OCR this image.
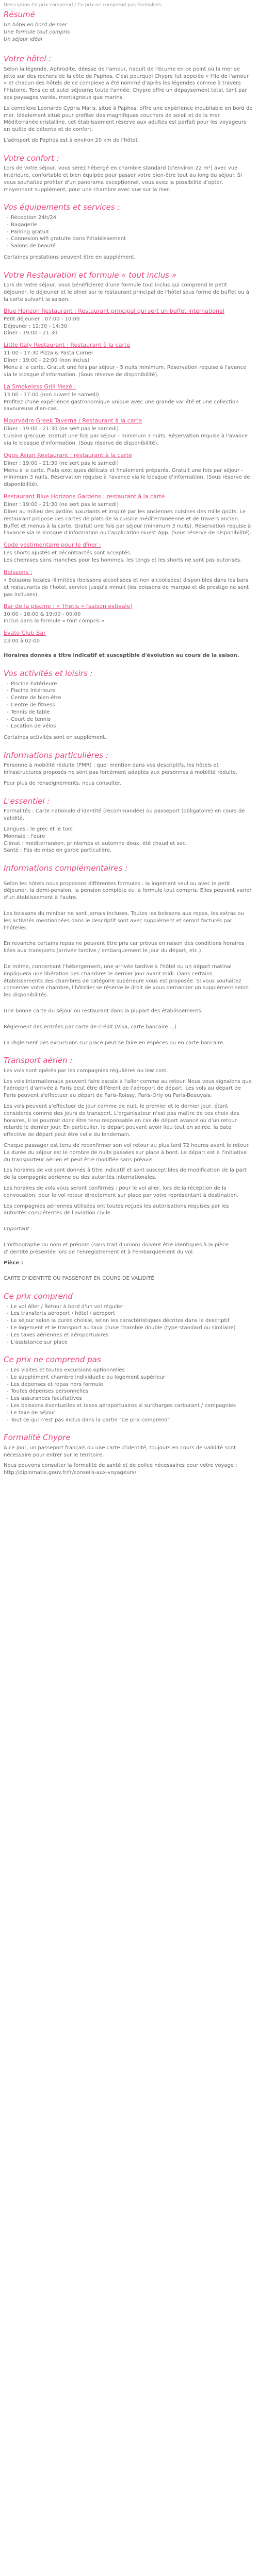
Description Ce prix comprend / Ce prix ne comprend pas Formalités

Résumé
Un hôtel en bord de mer
Une formule tout compris
Un séjour idéal
Votre hôtel :

Selon la légende, Aphrodite, déesse de l'amour, naquit de l'écume en ce point où la mer se jette sur des rochers de la côte de Paphos. C'est pourquoi Chypre fut appelée « l'Ile de l'amour » et chacun des hôtels de ce complexe a été nommé d'après les légendes comme à travers l'histoire. Tens ce et autel séjourne toute l'année. Chypre offre un dépaysement total, tant par ses paysages variés, montagneux que marins.

Le complexe Leonardo Cypria Maris, situé à Paphos, offre une expérience inoubliable en bord de mer. Idéalement situé pour profiter des magnifiques couchers de soleil et de la mer Méditerranée cristalline, cet établissement réserve aux adultes est parfait pour les voyageurs en quête de détente et de confort.

L'aéroport de Paphos est à environ 20 km de l'hôtel.

Votre confort :

Lors de votre séjour, vous serez hébergé en chambre standard (d'environ 22 m²) avec vue intérieure, confortable et bien équipée pour passer votre bien-être tout au long du séjour. Si vous souhaitez profiter d'un panorama exceptionnel, vous avez la possibilité d'opter, moyennant supplément, pour une chambre avec vue sur la mer.

Vos équipements et services :
- Réception 24h/24
- Bagagerie
- Parking gratuit
- Connexion wifi gratuite dans l'établissement
- Salons de beauté

Certaines prestations peuvent être en supplément.

Votre Restauration et formule « tout inclus »

Lors de votre séjour, vous bénéficierez d'une formule tout inclus qui comprend le petit déjeuner, le déjeuner et le dîner sur le restaurant principal de l'hôtel sous forme de buffet ou à la carte suivant la saison.

Blue Horizon Restaurant : Restaurant principal qui sert un buffet international
Petit déjeuner : 07:00 - 10:00
Déjeuner : 12:30 - 14:30
Dîner : 19:00 - 21:30
Little Italy Restaurant : Restaurant à la carte
11:00 - 17:30 Pizza & Pasta Corner
Dîner : 19:00 - 22:00 (non inclus)
Menu à la carte. Gratuit une fois par séjour - 5 nuits minimum. Réservation requise à l'avance via le kiosque d'information. (Sous réserve de disponibilité).
La Smokeless Grill Mezé :
13:00 - 17:00 (non ouvert le samedi)
Profitez d'une expérience gastronomique unique avec une grande variété et une collection savoureuse d'en-cas.
Mourvédre Greek Taverna / Restaurant à la carte
Dîner : 19:00 - 21:30 (ne sert pas le samedi)
Cuisine grecque. Gratuit une fois par séjour - minimum 3 nuits. Réservation requise à l'avance via le kiosque d'information. (Sous réserve de disponibilité).
Ogos Asian Restaurant : restaurant à la carte
Dîner : 19:00 - 21:30 (ne sert pas le samedi)
Menu à la carte. Plats exotiques délicats et finalement préparés. Gratuit une fois par séjour - minimum 3 nuits. Réservation requise à l'avance via le kiosque d'information. (Sous réserve de disponibilité).
Restaurant Blue Horizons Gardens : restaurant à la carte
Dîner : 19:00 - 21:30 (ne sert pas le samedi)
Dîner au milieu des jardins luxuriants et inspiré par les anciennes cuisines des mille goûts. Le restaurant propose des cartes de plats de la cuisine méditerranéenne et de travers ancien.
Buffet et menus à la carte. Gratuit une fois par séjour (minimum 3 nuits). Réservation requise à l'avance via le kiosque d'information ou l'application Guest App. (Sous réserve de disponibilité).
Code vestimentaire pour le dîner :
Les shorts ajustés et décontractés sont acceptés.
Les chemises sans manches pour les hommes, les tongs et les shorts ne sont pas autorisés.
Boissons :

• Boissons locales illimitées (boissons alcoolisées et non alcoolisées) disponibles dans les bars et restaurants de l'hôtel, service jusqu'à minuit (les boissons de marque et de prestige ne sont pas incluses).

Bar de la piscine : « Thetis » (saison estivale)
10:00 - 18:00 & 19:00 - 00:00
Inclus dans la formule « tout compris ».
Evato Club Bar
23:00 à 02:00

Horaires donnés à titre indicatif et susceptible d'évolution au cours de la saison.

Vos activités et loisirs :
- Piscine Extérieure
- Piscine Intérieure
- Centre de bien-être
- Centre de fitness
- Tennis de table
- Court de tennis
- Location de vélos

Certaines activités sont en supplément.

Informations particulières :

Personne à mobilité réduite (PMR) : quel mention dans vos descriptifs, les hôtels et infrastructures proposés ne sont pas forcément adaptés aux personnes à mobilité réduite.

Pour plus de renseignements, nous consulter.

L'essentiel :

Formalités : Carte nationale d'identité (recommandée) ou passeport (obligatoire) en cours de validité.

Langues : le grec et le turc
Monnaie : l'euro
Climat : méditerranéen, printemps et automne doux, été chaud et sec.
Santé : Pas de mise en garde particulière.
Informations complémentaires :

Selon les hôtels nous proposons différentes formules : la logement seul ou avec le petit déjeuner, la demi-pension, la pension complète ou la formule tout compris. Elles peuvent varier d'un établissement à l'autre.

Les boissons du minibar ne sont jamais incluses. Toutes les boissons aux repas, les extras ou les activités mentionnées dans le descriptif sont avec supplément et seront facturés par l'hôtelier.

En revanche certains repas ne peuvent être pris car prévus en raison des conditions horaires liées aux transports (arrivée tardive / embarquement le jour du départ, etc.).

De même, concernant l'hébergement, une arrivée tardive à l'hôtel ou un départ matinal impliquera une libération des chambres le dernier jour avant midi. Dans certains établissements des chambres de catégorie supérieure vous est proposée. Si vous souhaitez conserver votre chambre, l'hôtelier se réserve le droit de vous demander un supplément selon les disponibilités.

Une bonne carte du séjour ou restaurant dans la plupart des établissements.

Règlement des entrées par carte de crédit (Visa, carte bancaire ...)

La règlement des excursions sur place peut se faire en espèces ou en carte bancaire.

Transport aérien :

Les vols sont opérés par les compagnies régulières ou low cost.

Les vols internationaux peuvent faire escale à l'aller comme au retour. Nous vous signalons que l'aéroport d'arrivée à Paris peut être différent de l'aéroport de départ. Les vols au départ de Paris peuvent s'effectuer au départ de Paris-Roissy, Paris-Orly ou Paris-Beauvais.

Les vols peuvent s'effectuer de jour comme de nuit, le premier et le dernier jour, étant considérés comme des jours de transport. L'organisateur n'est pas maître de ces choix des horaires, il se pourrait donc être tenu responsable en cas de départ avancé ou d'un retour retardé le dernier jour. En particulier, le départ pouvant avoir lieu tout en soirée, la date effective de départ peut être celle du lendemain.

Chaque passager est tenu de reconfirmer son vol retour au plus tard 72 heures avant le retour. La durée du séjour est le nombre de nuits passées sur place à bord. Le départ est à l'initiative du transporteur aérien et peut être modifiée sans préavis.

Les horaires de vol sont donnés à titre indicatif et sont susceptibles de modification de la part de la compagnie aérienne ou des autorités internationales.

Les horaires de vols vous seront confirmés : pour le vol aller, lors de la réception de la convocation, pour le vol retour directement sur place par votre représentant à destination.

Les compagnies aériennes utilisées ont toutes reçues les autorisations requises par les autorités compétentes de l'aviation civile.

Important :

L'orthographe du nom et prénom (sans trait d'union) doivent être identiques à la pièce d'identité présentée lors de l'enregistrement et à l'embarquement du vol.

Pièce :

CARTE D'IDENTITÉ OU PASSEPORT EN COURS DE VALIDITÉ

Ce prix comprend
- Le vol Aller / Retour à bord d'un vol régulier
- Les transferts aéroport / hôtel / aéroport
- Le séjour selon la durée choisie, selon les caractéristiques décrites dans le descriptif
- Le logement et le transport au taux d'une chambre double (type standard ou similaire)
- Les taxes aériennes et aéroportuaires
- L'assistance sur place
Ce prix ne comprend pas
- Les visites et toutes excursions optionnelles
- Le supplément chambre individuelle ou logement supérieur
- Les dépenses et repas hors formule
- Toutes dépenses personnelles
- Les assurances facultatives
- Les boissons éventuelles et taxes aéroportuaires si surcharges carburant / compagnies
- Le taxe de séjour
- Tout ce qui n'est pas inclus dans la partie "Ce prix comprend"
Formalité Chypre

A ce jour, un passeport français ou une carte d'identité, toujours en cours de validité sont nécessaire pour entrer sur le territoire.

Nous pouvons consulter la formalité de santé et de police nécessaires pour votre voyage : http://diplomatie.gouv.fr/fr/conseils-aux-voyageurs/
